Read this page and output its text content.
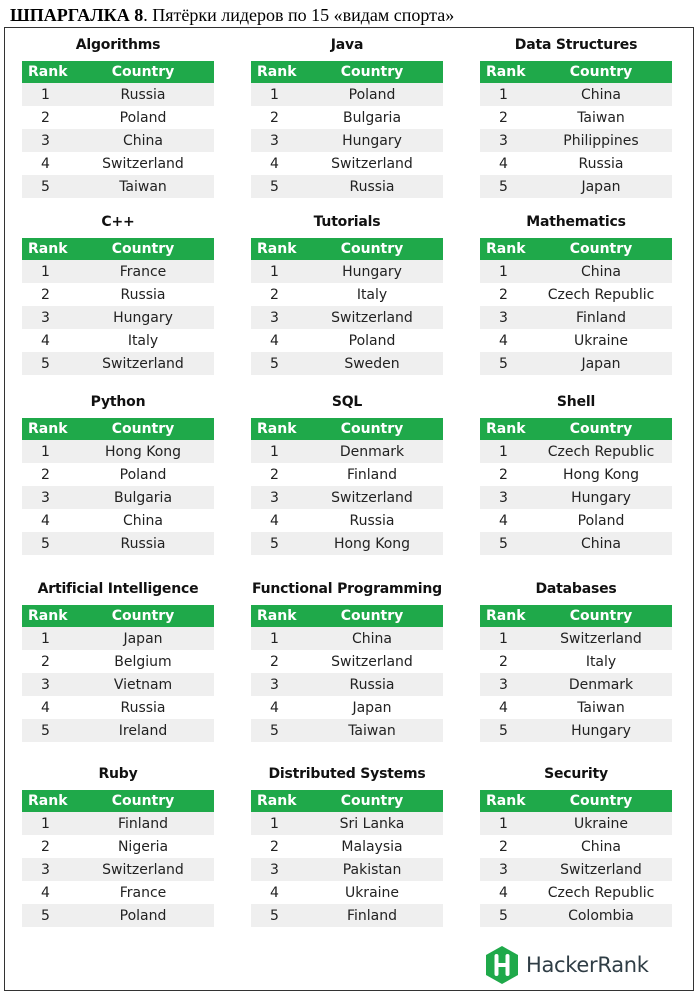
ШПАРГАЛКА 8. Пятёрки лидеров по 15 «видам спорта»
Algorithms
Rank	Country
1	Russia
2	Poland
3	China
4	Switzerland
5	Taiwan
Java
Rank	Country
1	Poland
2	Bulgaria
3	Hungary
4	Switzerland
5	Russia
Data Structures
Rank	Country
1	China
2	Taiwan
3	Philippines
4	Russia
5	Japan
C++
Rank	Country
1	France
2	Russia
3	Hungary
4	Italy
5	Switzerland
Tutorials
Rank	Country
1	Hungary
2	Italy
3	Switzerland
4	Poland
5	Sweden
Mathematics
Rank	Country
1	China
2	Czech Republic
3	Finland
4	Ukraine
5	Japan
Python
Rank	Country
1	Hong Kong
2	Poland
3	Bulgaria
4	China
5	Russia
SQL
Rank	Country
1	Denmark
2	Finland
3	Switzerland
4	Russia
5	Hong Kong
Shell
Rank	Country
1	Czech Republic
2	Hong Kong
3	Hungary
4	Poland
5	China
Artificial Intelligence
Rank	Country
1	Japan
2	Belgium
3	Vietnam
4	Russia
5	Ireland
Functional Programming
Rank	Country
1	China
2	Switzerland
3	Russia
4	Japan
5	Taiwan
Databases
Rank	Country
1	Switzerland
2	Italy
3	Denmark
4	Taiwan
5	Hungary
Ruby
Rank	Country
1	Finland
2	Nigeria
3	Switzerland
4	France
5	Poland
Distributed Systems
Rank	Country
1	Sri Lanka
2	Malaysia
3	Pakistan
4	Ukraine
5	Finland
Security
Rank	Country
1	Ukraine
2	China
3	Switzerland
4	Czech Republic
5	Colombia
HackerRank
